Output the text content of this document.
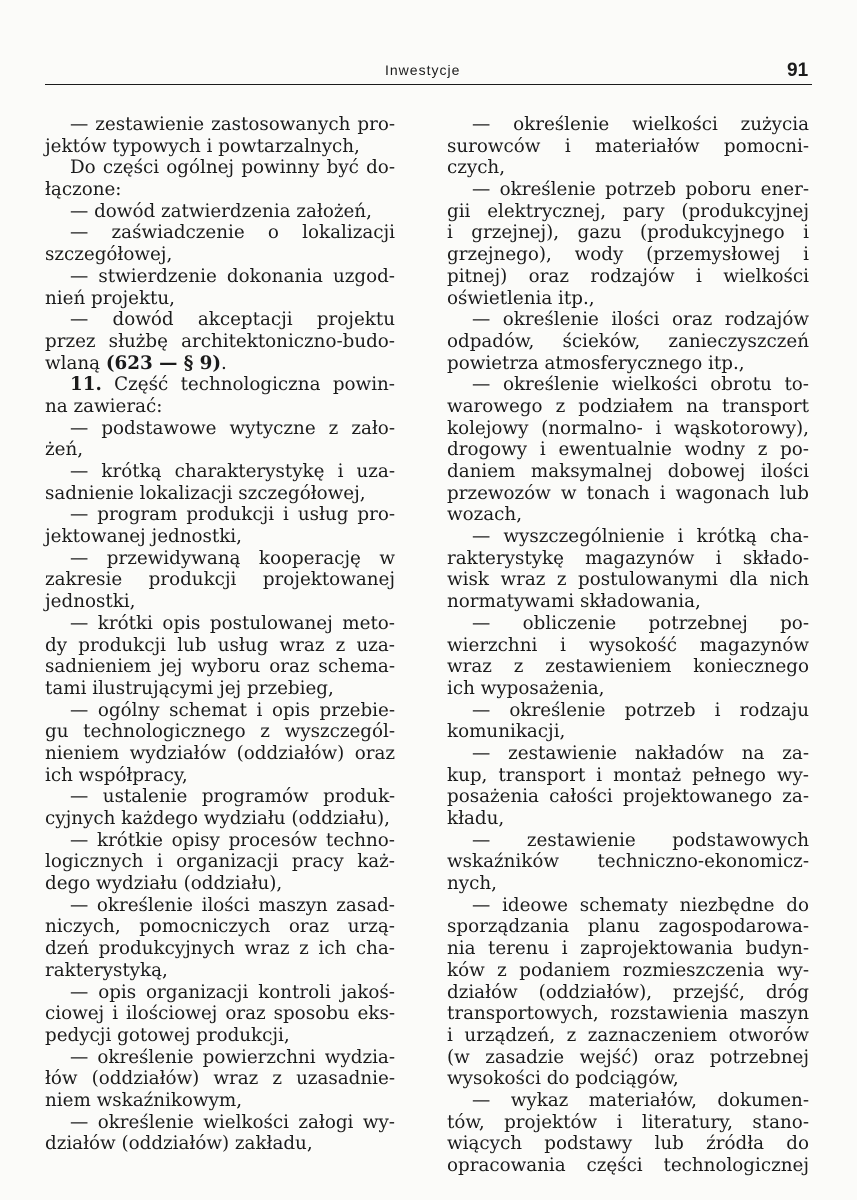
Inwestycje	91
— zestawienie zastosowanych pro-
jektów typowych i powtarzalnych,
Do części ogólnej powinny być do-
łączone:
— dowód zatwierdzenia założeń,
— zaświadczenie o lokalizacji
szczegółowej,
— stwierdzenie dokonania uzgod-
nień projektu,
— dowód akceptacji projektu
przez służbę architektoniczno-budo-
wlaną (623 — § 9).
11. Część technologiczna powin-
na zawierać:
— podstawowe wytyczne z zało-
żeń,
— krótką charakterystykę i uza-
sadnienie lokalizacji szczegółowej,
— program produkcji i usług pro-
jektowanej jednostki,
— przewidywaną kooperację w
zakresie produkcji projektowanej
jednostki,
— krótki opis postulowanej meto-
dy produkcji lub usług wraz z uza-
sadnieniem jej wyboru oraz schema-
tami ilustrującymi jej przebieg,
— ogólny schemat i opis przebie-
gu technologicznego z wyszczegól-
nieniem wydziałów (oddziałów) oraz
ich współpracy,
— ustalenie programów produk-
cyjnych każdego wydziału (oddziału),
— krótkie opisy procesów techno-
logicznych i organizacji pracy każ-
dego wydziału (oddziału),
— określenie ilości maszyn zasad-
niczych, pomocniczych oraz urzą-
dzeń produkcyjnych wraz z ich cha-
rakterystyką,
— opis organizacji kontroli jakoś-
ciowej i ilościowej oraz sposobu eks-
pedycji gotowej produkcji,
— określenie powierzchni wydzia-
łów (oddziałów) wraz z uzasadnie-
niem wskaźnikowym,
— określenie wielkości załogi wy-
działów (oddziałów) zakładu,
— określenie wielkości zużycia
surowców i materiałów pomocni-
czych,
— określenie potrzeb poboru ener-
gii elektrycznej, pary (produkcyjnej
i grzejnej), gazu (produkcyjnego i
grzejnego), wody (przemysłowej i
pitnej) oraz rodzajów i wielkości
oświetlenia itp.,
— określenie ilości oraz rodzajów
odpadów, ścieków, zanieczyszczeń
powietrza atmosferycznego itp.,
— określenie wielkości obrotu to-
warowego z podziałem na transport
kolejowy (normalno- i wąskotorowy),
drogowy i ewentualnie wodny z po-
daniem maksymalnej dobowej ilości
przewozów w tonach i wagonach lub
wozach,
— wyszczególnienie i krótką cha-
rakterystykę magazynów i składo-
wisk wraz z postulowanymi dla nich
normatywami składowania,
— obliczenie potrzebnej po-
wierzchni i wysokość magazynów
wraz z zestawieniem koniecznego
ich wyposażenia,
— określenie potrzeb i rodzaju
komunikacji,
— zestawienie nakładów na za-
kup, transport i montaż pełnego wy-
posażenia całości projektowanego za-
kładu,
— zestawienie podstawowych
wskaźników techniczno-ekonomicz-
nych,
— ideowe schematy niezbędne do
sporządzania planu zagospodarowa-
nia terenu i zaprojektowania budyn-
ków z podaniem rozmieszczenia wy-
działów (oddziałów), przejść, dróg
transportowych, rozstawienia maszyn
i urządzeń, z zaznaczeniem otworów
(w zasadzie wejść) oraz potrzebnej
wysokości do podciągów,
— wykaz materiałów, dokumen-
tów, projektów i literatury, stano-
wiących podstawy lub źródła do
opracowania części technologicznej
